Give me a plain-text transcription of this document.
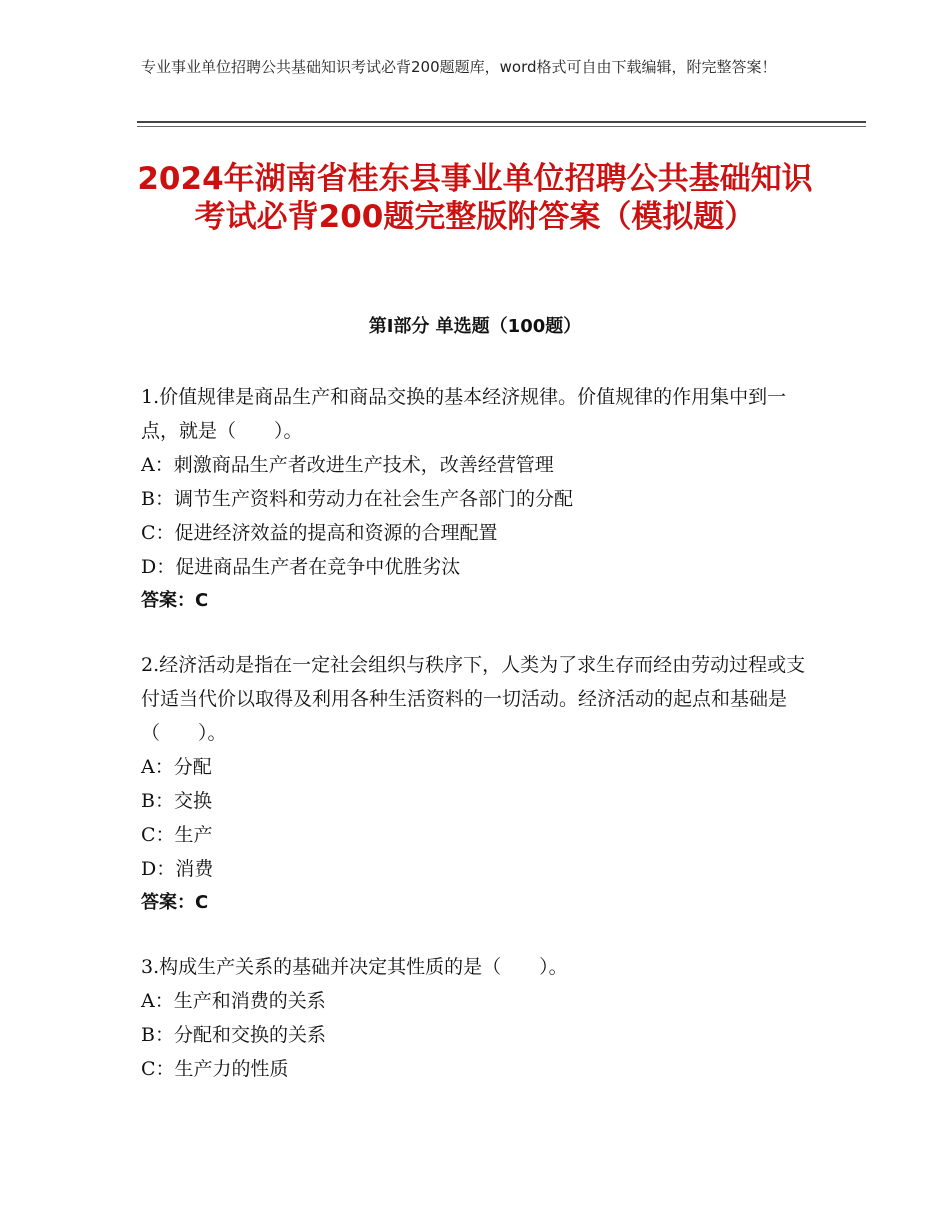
专业事业单位招聘公共基础知识考试必背200题题库，word格式可自由下载编辑，附完整答案！
2024年湖南省桂东县事业单位招聘公共基础知识考试必背200题完整版附答案（模拟题）
第I部分 单选题（100题）

1.价值规律是商品生产和商品交换的基本经济规律。价值规律的作用集中到一点，就是（　　）。

A：刺激商品生产者改进生产技术，改善经营管理

B：调节生产资料和劳动力在社会生产各部门的分配

C：促进经济效益的提高和资源的合理配置

D：促进商品生产者在竞争中优胜劣汰

答案：C

2.经济活动是指在一定社会组织与秩序下，人类为了求生存而经由劳动过程或支付适当代价以取得及利用各种生活资料的一切活动。经济活动的起点和基础是（　　）。

A：分配

B：交换

C：生产

D：消费

答案：C

3.构成生产关系的基础并决定其性质的是（　　）。

A：生产和消费的关系

B：分配和交换的关系

C：生产力的性质
